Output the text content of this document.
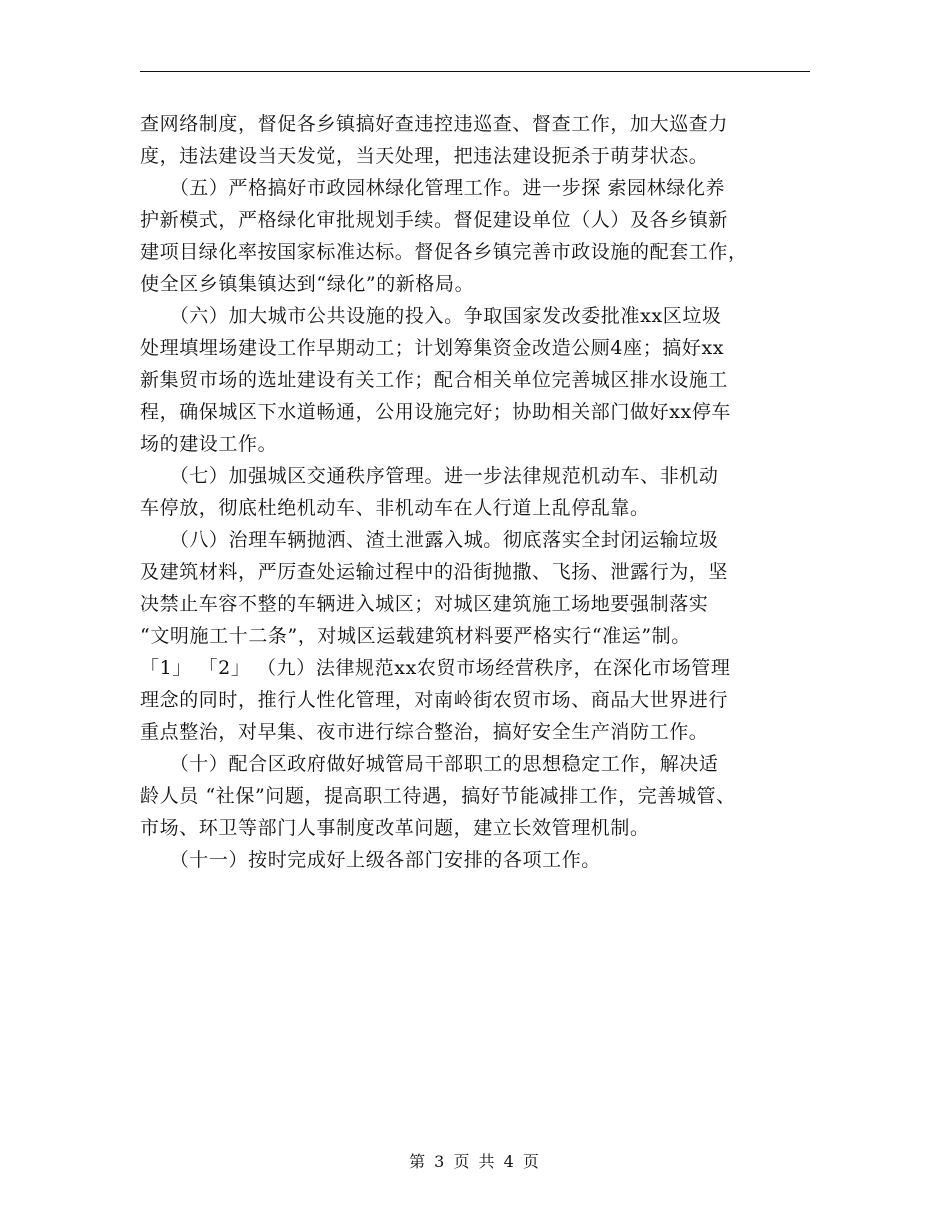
查网络制度，督促各乡镇搞好查违控违巡查、督查工作，加大巡查力
度，违法建设当天发觉，当天处理，把违法建设扼杀于萌芽状态。
　　（五）严格搞好市政园林绿化管理工作。进一步探 索园林绿化养
护新模式，严格绿化审批规划手续。督促建设单位（人）及各乡镇新
建项目绿化率按国家标准达标。督促各乡镇完善市政设施的配套工作，
使全区乡镇集镇达到“绿化”的新格局。
　　（六）加大城市公共设施的投入。争取国家发改委批准xx区垃圾
处理填埋场建设工作早期动工；计划筹集资金改造公厕4座；搞好xx
新集贸市场的选址建设有关工作；配合相关单位完善城区排水设施工
程，确保城区下水道畅通，公用设施完好；协助相关部门做好xx停车
场的建设工作。
　　（七）加强城区交通秩序管理。进一步法律规范机动车、非机动
车停放，彻底杜绝机动车、非机动车在人行道上乱停乱靠。
　　（八）治理车辆抛洒、渣土泄露入城。彻底落实全封闭运输垃圾
及建筑材料，严厉查处运输过程中的沿街抛撒、飞扬、泄露行为，坚
决禁止车容不整的车辆进入城区；对城区建筑施工场地要强制落实
“文明施工十二条”，对城区运载建筑材料要严格实行“准运”制。
「1」 「2」 （九）法律规范xx农贸市场经营秩序，在深化市场管理
理念的同时，推行人性化管理，对南岭街农贸市场、商品大世界进行
重点整治，对早集、夜市进行综合整治，搞好安全生产消防工作。
　　（十）配合区政府做好城管局干部职工的思想稳定工作，解决适
龄人员 “社保”问题，提高职工待遇，搞好节能减排工作，完善城管、
市场、环卫等部门人事制度改革问题，建立长效管理机制。
　　（十一）按时完成好上级各部门安排的各项工作。
第 3 页 共 4 页
